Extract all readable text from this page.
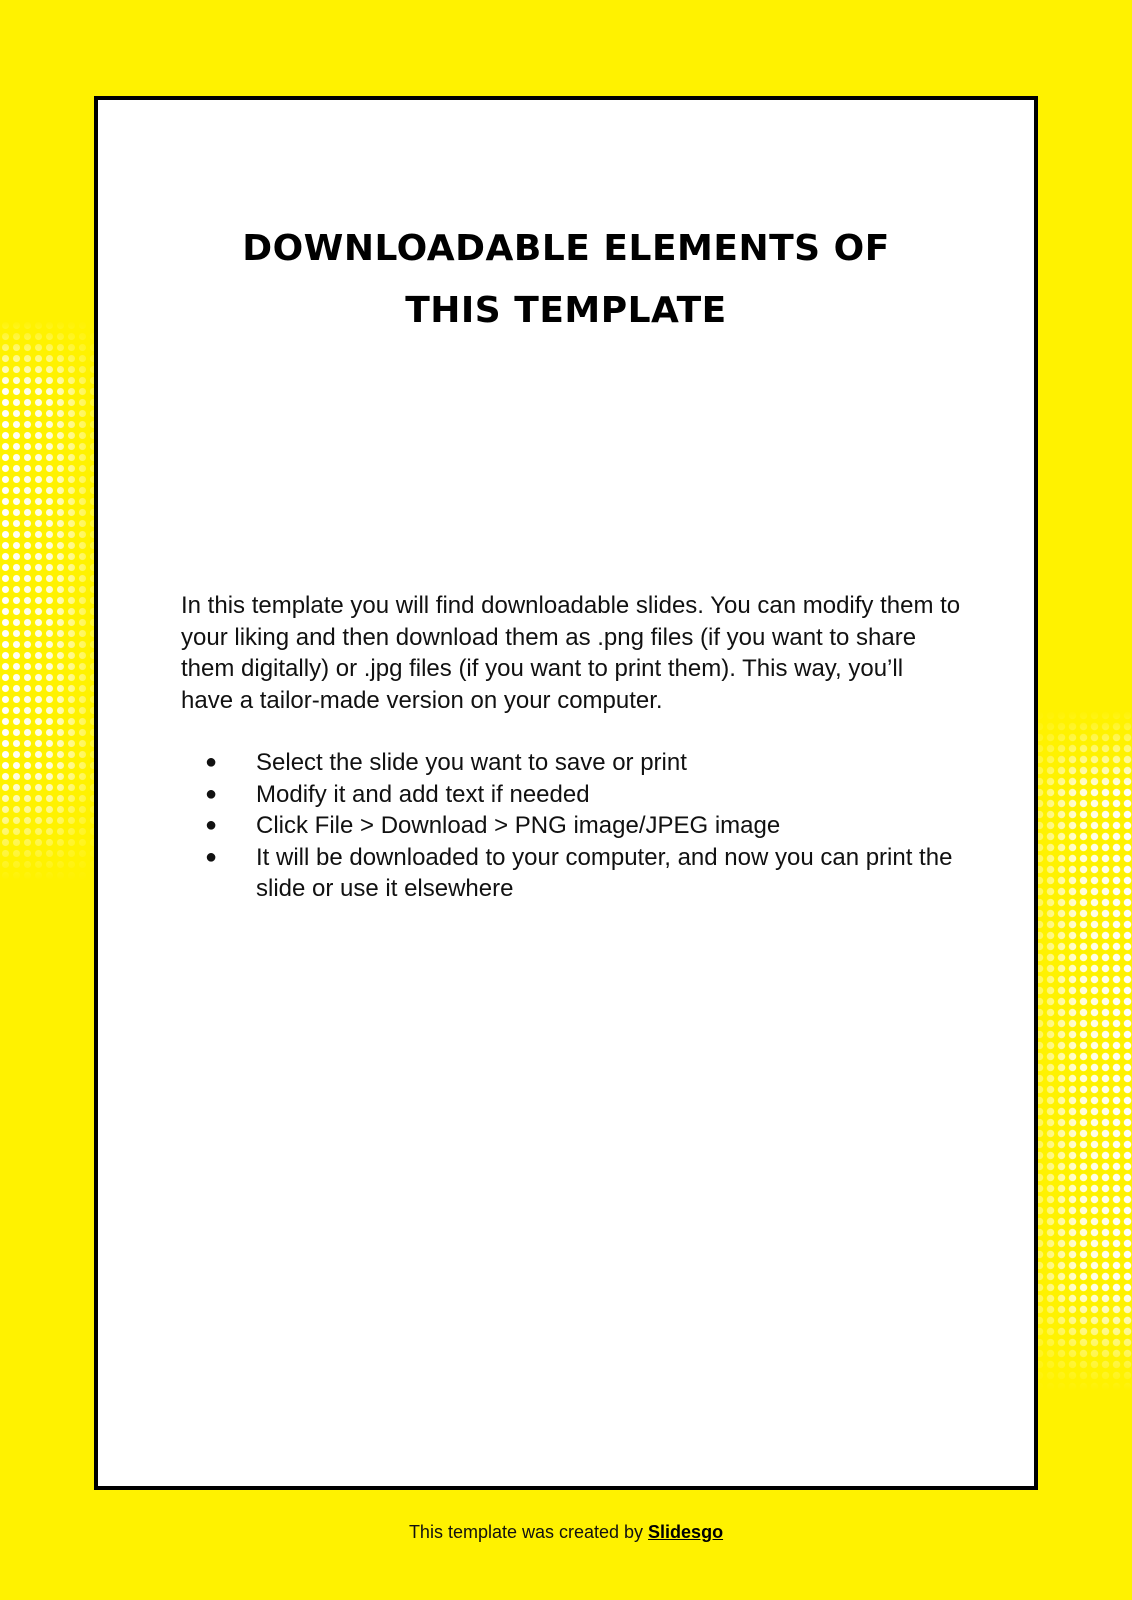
DOWNLOADABLE ELEMENTS OF
THIS TEMPLATE

In this template you will find downloadable slides. You can modify them to your liking and then download them as .png files (if you want to share them digitally) or .jpg files (if you want to print them). This way, you’ll have a tailor-made version on your computer.

● Select the slide you want to save or print
● Modify it and add text if needed
● Click File > Download > PNG image/JPEG image
● It will be downloaded to your computer, and now you can print the slide or use it elsewhere
This template was created by Slidesgo
